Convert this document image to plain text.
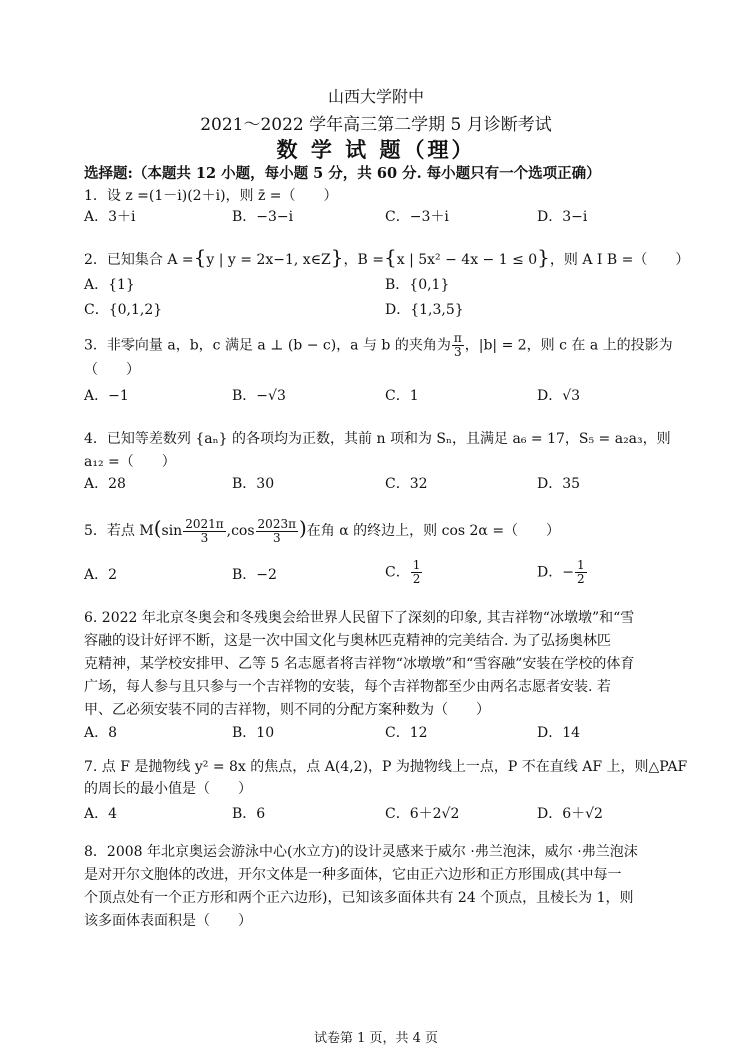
山西大学附中
2021～2022 学年高三第二学期 5 月诊断考试
数 学 试 题（理）
选择题:（本题共 12 小题，每小题 5 分，共 60 分. 每小题只有一个选项正确）
1．设 z =(1－i)(2＋i)，则 z̄ =（　　）
A．3＋i	B．−3−i	C．−3＋i	D．3−i
2．已知集合 A ={y | y = 2x−1, x∈Z}，B ={x | 5x² − 4x − 1 ≤ 0}，则 A I B =（　　）
A．{1}	B．{0,1}
C．{0,1,2}	D．{1,3,5}
3．非零向量 a，b，c 满足 a ⊥ (b − c)，a 与 b 的夹角为 $\frac{\pi}{3}$ ，|b| = 2，则 c 在 a 上的投影为
（　　）
A．−1	B．−√3	C．1	D．√3
4．已知等差数列 {aₙ} 的各项均为正数，其前 n 项和为 Sₙ，且满足 a₆ = 17，S₅ = a₂a₃，则
a₁₂ =（　　）
A．28	B．30	C．32	D．35
5．若点 $M(\sin \frac{2021\pi}{3} ,\cos \frac{2023\pi}{3}$ )在角 α 的终边上，则 cos 2α =（　　）
A．2	B．−2	C． $\frac{1}{2}$	D．− $\frac{1}{2}$
6. 2022 年北京冬奥会和冬残奥会给世界人民留下了深刻的印象, 其吉祥物“冰墩墩”和“雪
容融的设计好评不断，这是一次中国文化与奥林匹克精神的完美结合. 为了弘扬奥林匹
克精神，某学校安排甲、乙等 5 名志愿者将吉祥物“冰墩墩”和“雪容融”安装在学校的体育
广场，每人参与且只参与一个吉祥物的安装，每个吉祥物都至少由两名志愿者安装. 若
甲、乙必须安装不同的吉祥物，则不同的分配方案种数为（　　）
A．8	B．10	C．12	D．14
7. 点 F 是抛物线 y² = 8x 的焦点，点 A(4,2)，P 为抛物线上一点，P 不在直线 AF 上，则△PAF
的周长的最小值是（　　）
A．4	B．6	C．6＋2√2	D．6＋√2
8．2008 年北京奥运会游泳中心(水立方)的设计灵感来于威尔 ·弗兰泡沫，威尔 ·弗兰泡沫
是对开尔文胞体的改进，开尔文体是一种多面体，它由正六边形和正方形围成(其中每一
个顶点处有一个正方形和两个正六边形)，已知该多面体共有 24 个顶点，且棱长为 1，则
该多面体表面积是（　　）
试卷第 1 页，共 4 页
